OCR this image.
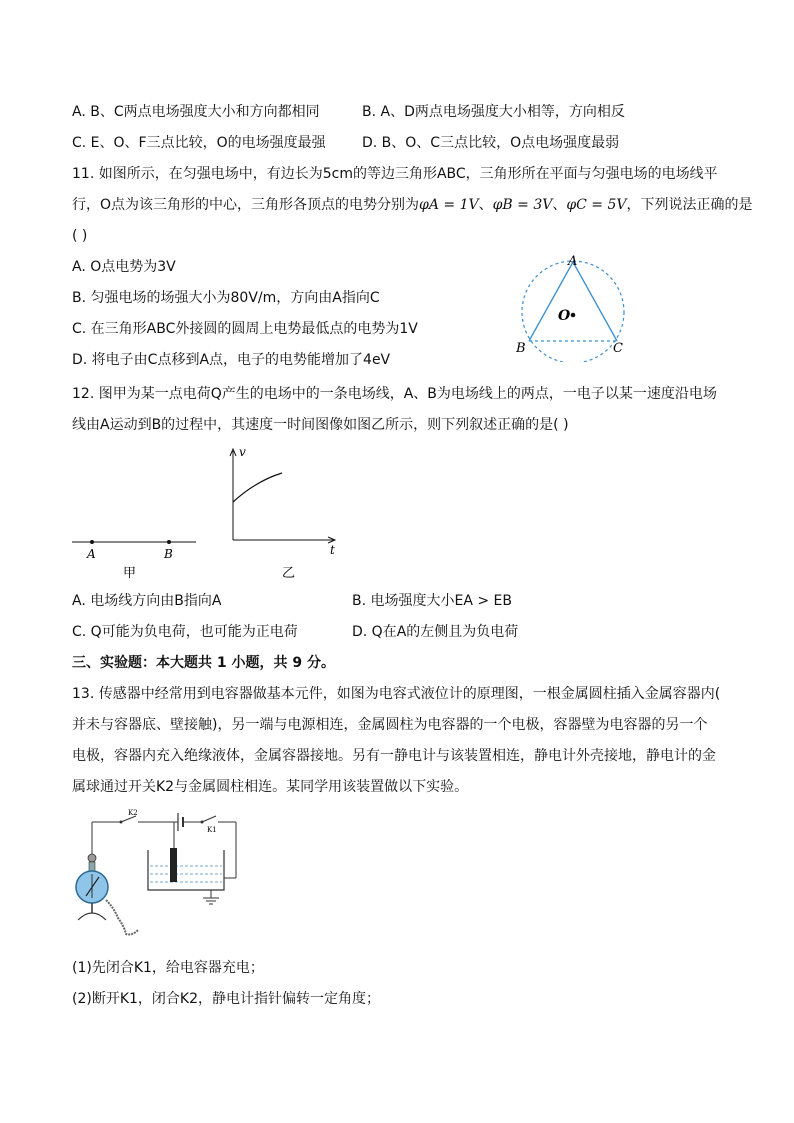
A. B、C两点电场强度大小和方向都相同	B. A、D两点电场强度大小相等，方向相反
C. E、O、F三点比较，O的电场强度最强	D. B、O、C三点比较，O点电场强度最弱
11. 如图所示，在匀强电场中，有边长为5cm的等边三角形ABC，三角形所在平面与匀强电场的电场线平
行，O点为该三角形的中心，三角形各顶点的电势分别为φA = 1V、φB = 3V、φC = 5V，下列说法正确的是
( )
A. O点电势为3V
B. 匀强电场的场强大小为80V/m，方向由A指向C
C. 在三角形ABC外接圆的圆周上电势最低点的电势为1V
D. 将电子由C点移到A点，电子的电势能增加了4eV
A
B	C
O
12. 图甲为某一点电荷Q产生的电场中的一条电场线，A、B为电场线上的两点，一电子以某一速度沿电场
线由A运动到B的过程中，其速度一时间图像如图乙所示，则下列叙述正确的是( )
A	B
甲
v
t
乙
A. 电场线方向由B指向A	B. 电场强度大小EA > EB
C. Q可能为负电荷，也可能为正电荷	D. Q在A的左侧且为负电荷
三、实验题：本大题共 1 小题，共 9 分。
13. 传感器中经常用到电容器做基本元件，如图为电容式液位计的原理图，一根金属圆柱插入金属容器内(
并未与容器底、壁接触)，另一端与电源相连，金属圆柱为电容器的一个电极，容器壁为电容器的另一个
电极，容器内充入绝缘液体，金属容器接地。另有一静电计与该装置相连，静电计外壳接地，静电计的金
属球通过开关K2与金属圆柱相连。某同学用该装置做以下实验。
K2
K1
(1)先闭合K1，给电容器充电；
(2)断开K1，闭合K2，静电计指针偏转一定角度；
